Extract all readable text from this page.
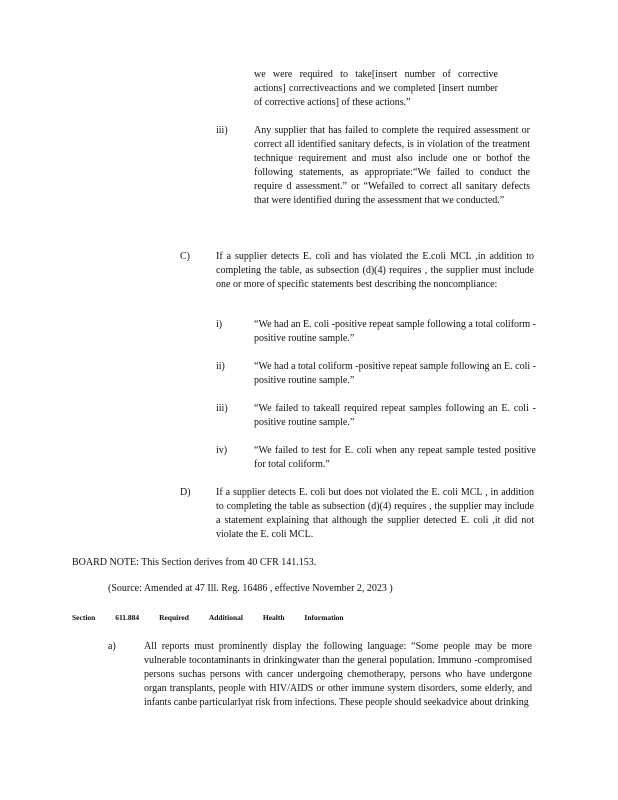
we were required to take[insert number of corrective actions] correctiveactions and we completed [insert number of corrective actions] of these actions.”
iii)	Any supplier that has failed to complete the required assessment or correct all identified sanitary defects, is in violation of the treatment technique requirement and must also include one or bothof the following statements, as appropriate:“We failed to conduct the require d assessment.” or “Wefailed to correct all sanitary defects that were identified during the assessment that we conducted.”
C)	If a supplier detects E. coli and has violated the E.coli MCL ,in addition to completing the table, as subsection (d)(4) requires , the supplier must include one or more of specific statements best describing the noncompliance:
i)	“We had an E. coli -positive repeat sample following a total coliform -positive routine sample.”
ii)	“We had a total coliform -positive repeat sample following an E. coli -positive routine sample.”
iii)	“We failed to takeall required repeat samples following an E. coli -positive routine sample.”
iv)	“We failed to test for E. coli when any repeat sample tested positive for total coliform.”
D)	If a supplier detects E. coli but does not violated the E. coli MCL , in addition to completing the table as subsection (d)(4) requires , the supplier may include a statement explaining that although the supplier detected E. coli ,it did not violate the E. coli MCL.
BOARD NOTE: This Section derives from 40 CFR 141.153.
(Source: Amended at 47 Ill. Reg. 16486 , effective November 2, 2023 )
Section	611.884	Required	Additional	Health	Information
a)	All reports must prominently display the following language: “Some people may be more vulnerable tocontaminants in drinkingwater than the general population. Immuno -compromised persons suchas persons with cancer undergoing chemotherapy, persons who have undergone organ transplants, people with HIV/AIDS or other immune system disorders, some elderly, and infants canbe particularlyat risk from infections. These people should seekadvice about drinking
